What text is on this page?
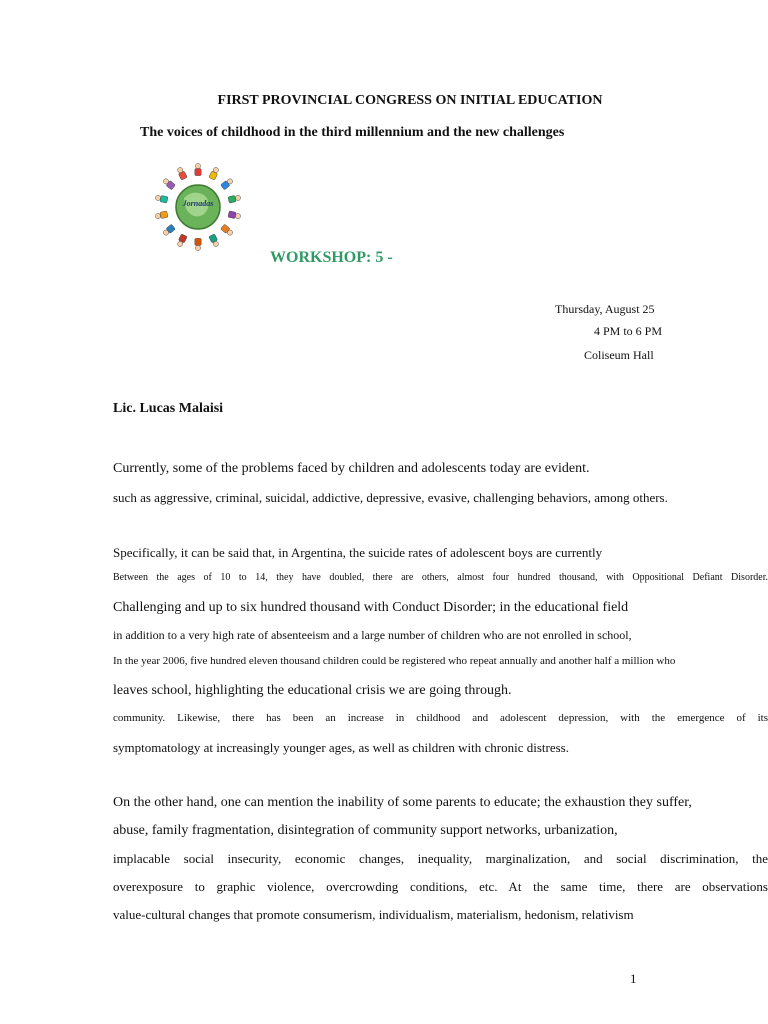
FIRST PROVINCIAL CONGRESS ON INITIAL EDUCATION
The voices of childhood in the third millennium and the new challenges
Jornadas
WORKSHOP: 5 -
Thursday, August 25
4 PM to 6 PM
Coliseum Hall
Lic. Lucas Malaisi
Currently, some of the problems faced by children and adolescents today are evident.
such as aggressive, criminal, suicidal, addictive, depressive, evasive, challenging behaviors, among others.
Specifically, it can be said that, in Argentina, the suicide rates of adolescent boys are currently
Between the ages of 10 to 14, they have doubled, there are others, almost four hundred thousand, with Oppositional Defiant Disorder.
Challenging and up to six hundred thousand with Conduct Disorder; in the educational field
in addition to a very high rate of absenteeism and a large number of children who are not enrolled in school,
In the year 2006, five hundred eleven thousand children could be registered who repeat annually and another half a million who
leaves school, highlighting the educational crisis we are going through.
community. Likewise, there has been an increase in childhood and adolescent depression, with the emergence of its
symptomatology at increasingly younger ages, as well as children with chronic distress.
On the other hand, one can mention the inability of some parents to educate; the exhaustion they suffer,
abuse, family fragmentation, disintegration of community support networks, urbanization,
implacable social insecurity, economic changes, inequality, marginalization, and social discrimination, the
overexposure to graphic violence, overcrowding conditions, etc. At the same time, there are observations
value-cultural changes that promote consumerism, individualism, materialism, hedonism, relativism
1
